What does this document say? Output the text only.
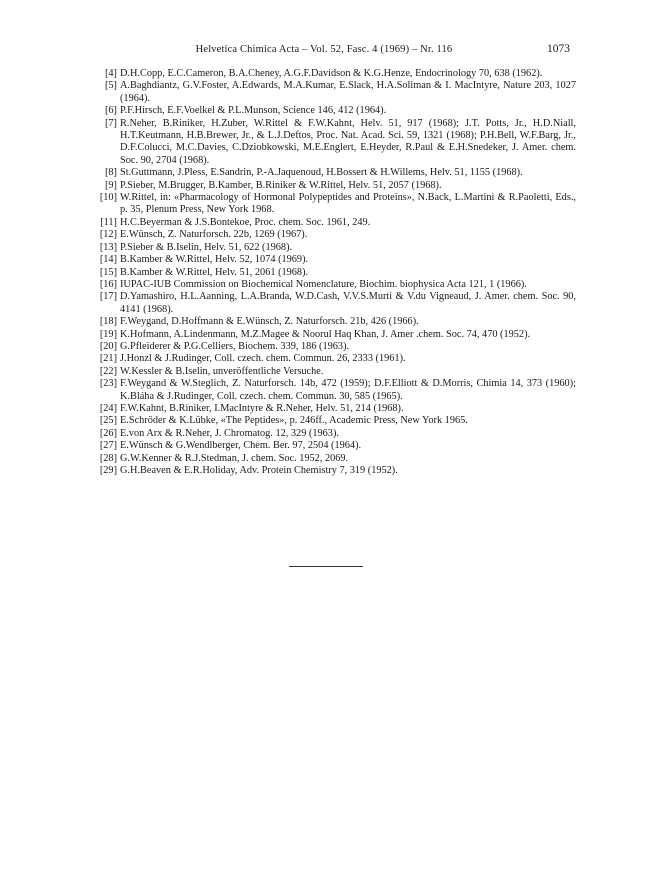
Helvetica Chimica Acta – Vol. 52, Fasc. 4 (1969) – Nr. 116	1073
[4] D.H.Copp, E.C.Cameron, B.A.Cheney, A.G.F.Davidson & K.G.Henze, Endocrinology 70, 638 (1962).
[5] A.Baghdiantz, G.V.Foster, A.Edwards, M.A.Kumar, E.Slack, H.A.Soliman & I. MacIntyre, Nature 203, 1027 (1964).
[6] P.F.Hirsch, E.F.Voelkel & P.L.Munson, Science 146, 412 (1964).
[7] R.Neher, B.Riniker, H.Zuber, W.Rittel & F.W.Kahnt, Helv. 51, 917 (1968); J.T. Potts, Jr., H.D.Niall, H.T.Keutmann, H.B.Brewer, Jr., & L.J.Deftos, Proc. Nat. Acad. Sci. 59, 1321 (1968); P.H.Bell, W.F.Barg, Jr., D.F.Colucci, M.C.Davies, C.Dziobkowski, M.E.Englert, E.Heyder, R.Paul & E.H.Snedeker, J. Amer. chem. Soc. 90, 2704 (1968).
[8] St.Guttmann, J.Pless, E.Sandrin, P.-A.Jaquenoud, H.Bossert & H.Willems, Helv. 51, 1155 (1968).
[9] P.Sieber, M.Brugger, B.Kamber, B.Riniker & W.Rittel, Helv. 51, 2057 (1968).
[10] W.Rittel, in: «Pharmacology of Hormonal Polypeptides and Proteins», N.Back, L.Martini & R.Paoletti, Eds., p. 35, Plenum Press, New York 1968.
[11] H.C.Beyerman & J.S.Bontekoe, Proc. chem. Soc. 1961, 249.
[12] E.Wünsch, Z. Naturforsch. 22b, 1269 (1967).
[13] P.Sieber & B.Iselin, Helv. 51, 622 (1968).
[14] B.Kamber & W.Rittel, Helv. 52, 1074 (1969).
[15] B.Kamber & W.Rittel, Helv. 51, 2061 (1968).
[16] IUPAC-IUB Commission on Biochemical Nomenclature, Biochim. biophysica Acta 121, 1 (1966).
[17] D.Yamashiro, H.L.Aanning, L.A.Branda, W.D.Cash, V.V.S.Murti & V.du Vigneaud, J. Amer. chem. Soc. 90, 4141 (1968).
[18] F.Weygand, D.Hoffmann & E.Wünsch, Z. Naturforsch. 21b, 426 (1966).
[19] K.Hofmann, A.Lindenmann, M.Z.Magee & Noorul Haq Khan, J. Amer .chem. Soc. 74, 470 (1952).
[20] G.Pfleiderer & P.G.Celliers, Biochem. 339, 186 (1963).
[21] J.Honzl & J.Rudinger, Coll. czech. chem. Commun. 26, 2333 (1961).
[22] W.Kessler & B.Iselin, unveröffentliche Versuche.
[23] F.Weygand & W.Steglich, Z. Naturforsch. 14b, 472 (1959); D.F.Elliott & D.Morris, Chimia 14, 373 (1960); K.Bláha & J.Rudinger, Coll. czech. chem. Commun. 30, 585 (1965).
[24] F.W.Kahnt, B.Riniker, I.MacIntyre & R.Neher, Helv. 51, 214 (1968).
[25] E.Schröder & K.Lübke, «The Peptides», p. 246ff., Academic Press, New York 1965.
[26] E.von Arx & R.Neher, J. Chromatog. 12, 329 (1963).
[27] E.Wünsch & G.Wendlberger, Chem. Ber. 97, 2504 (1964).
[28] G.W.Kenner & R.J.Stedman, J. chem. Soc. 1952, 2069.
[29] G.H.Beaven & E.R.Holiday, Adv. Protein Chemistry 7, 319 (1952).
